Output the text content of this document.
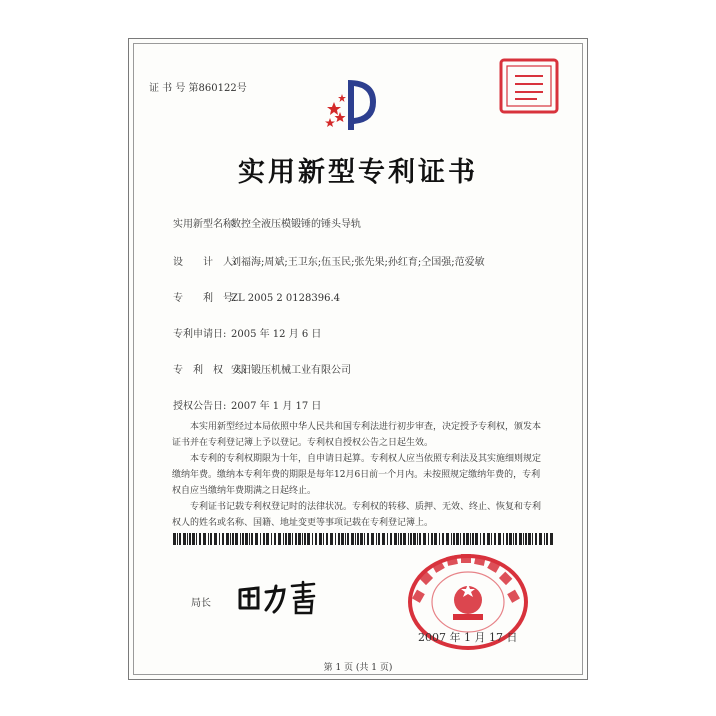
证 书 号 第860122号
实用新型专利证书
实用新型名称:数控全液压模锻锤的锤头导轨
设　　计　人:刘福海;周斌;王卫东;伍玉民;张先果;孙红育;仝国强;范爱敏
专　　利　号:ZL 2005 2 0128396.4
专利申请日: 2005 年 12 月 6 日
专　利　权　人:安阳锻压机械工业有限公司
授权公告日: 2007 年 1 月 17 日

本实用新型经过本局依照中华人民共和国专利法进行初步审查，决定授予专利权，颁发本证书并在专利登记簿上予以登记。专利权自授权公告之日起生效。

本专利的专利权期限为十年，自申请日起算。专利权人应当依照专利法及其实施细则规定缴纳年费。缴纳本专利年费的期限是每年12月6日前一个月内。未按照规定缴纳年费的，专利权自应当缴纳年费期满之日起终止。

专利证书记载专利权登记时的法律状况。专利权的转移、质押、无效、终止、恢复和专利权人的姓名或名称、国籍、地址变更等事项记载在专利登记簿上。

局长
2007 年 1 月 17 日
第 1 页 (共 1 页)
